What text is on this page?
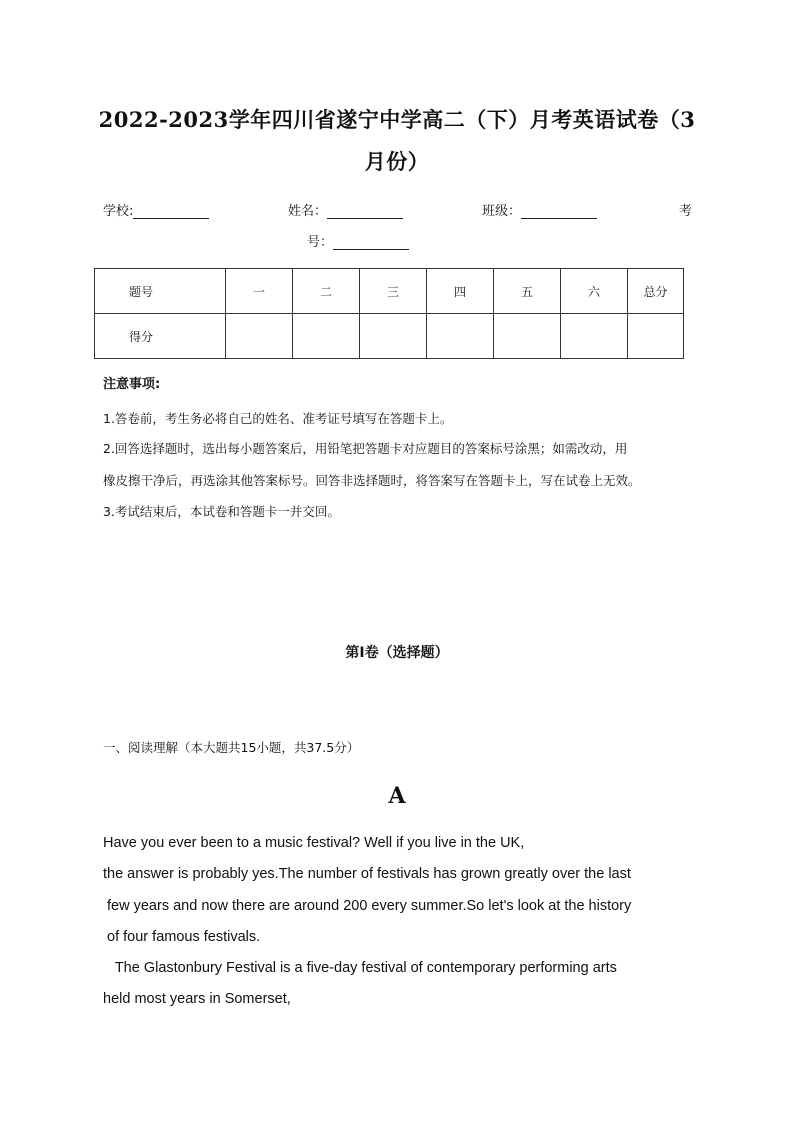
2022-2023学年四川省遂宁中学高二（下）月考英语试卷（3
月份）
学校:	姓名：	班级：	考
号：
题号	一	二	三	四	五	六	总分
得分							
注意事项:
1.答卷前，考生务必将自己的姓名、准考证号填写在答题卡上。
2.回答选择题时，选出每小题答案后，用铅笔把答题卡对应题目的答案标号涂黑；如需改动，用
橡皮擦干净后，再选涂其他答案标号。回答非选择题时，将答案写在答题卡上，写在试卷上无效。
3.考试结束后，本试卷和答题卡一并交回。
第Ⅰ卷（选择题）
一、阅读理解（本大题共15小题，共37.5分）
A
Have you ever been to a music festival? Well if you live in the UK,
the answer is probably yes.The number of festivals has grown greatly over the last
few years and now there are around 200 every summer.So let's look at the history
of four famous festivals.
The Glastonbury Festival is a five-day festival of contemporary performing arts
held most years in Somerset,
